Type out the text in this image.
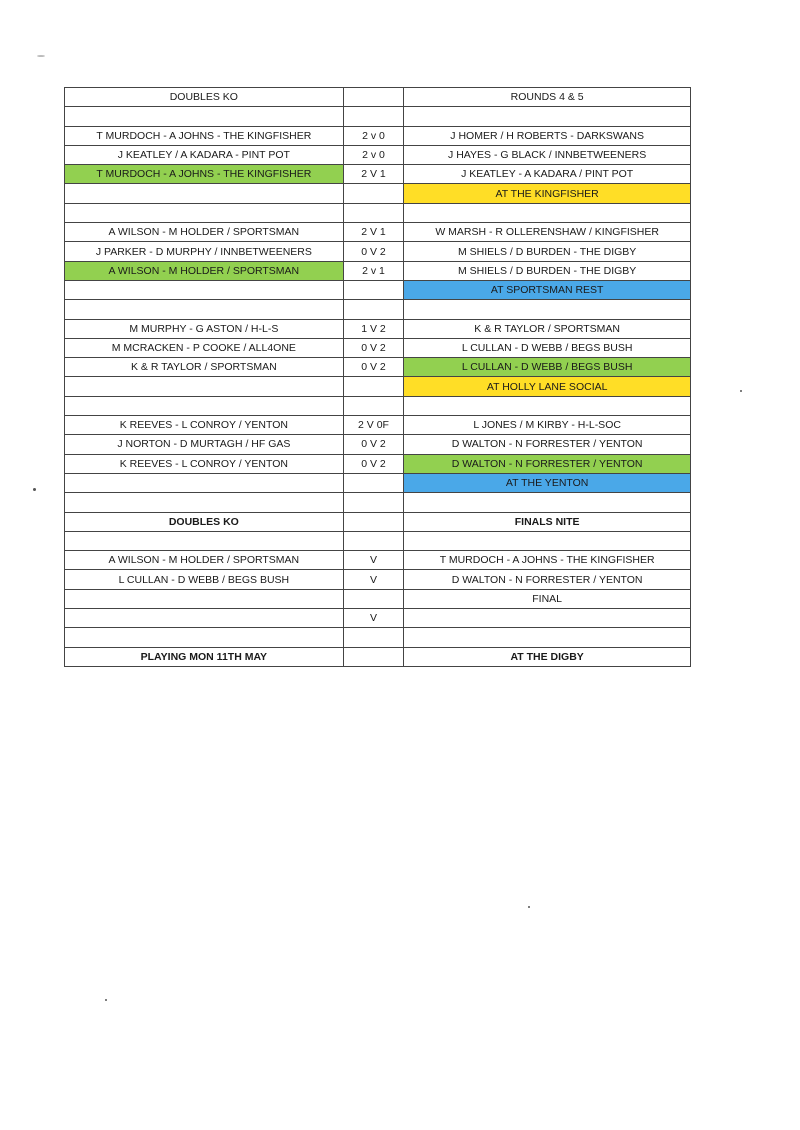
DOUBLES KO		ROUNDS 4 & 5

T MURDOCH - A JOHNS - THE KINGFISHER	2 v 0	J HOMER / H ROBERTS - DARKSWANS
J KEATLEY / A KADARA - PINT POT	2 v 0	J HAYES - G BLACK / INNBETWEENERS
T MURDOCH - A JOHNS - THE KINGFISHER	2 V 1	J KEATLEY - A KADARA / PINT POT
		AT THE KINGFISHER

A WILSON - M HOLDER / SPORTSMAN	2 V 1	W MARSH - R OLLERENSHAW / KINGFISHER
J PARKER - D MURPHY / INNBETWEENERS	0 V 2	M SHIELS / D BURDEN - THE DIGBY
A WILSON - M HOLDER / SPORTSMAN	2 v 1	M SHIELS / D BURDEN - THE DIGBY
		AT SPORTSMAN REST

M MURPHY - G ASTON / H-L-S	1 V 2	K & R TAYLOR / SPORTSMAN
M MCRACKEN - P COOKE / ALL4ONE	0 V 2	L CULLAN - D WEBB / BEGS BUSH
K & R TAYLOR / SPORTSMAN	0 V 2	L CULLAN - D WEBB / BEGS BUSH
		AT HOLLY LANE SOCIAL

K REEVES - L CONROY / YENTON	2 V 0F	L JONES / M KIRBY - H-L-SOC
J NORTON - D MURTAGH / HF GAS	0 V 2	D WALTON - N FORRESTER / YENTON
K REEVES - L CONROY / YENTON	0 V 2	D WALTON - N FORRESTER / YENTON
		AT THE YENTON

DOUBLES KO		FINALS NITE

A WILSON - M HOLDER / SPORTSMAN	V	T MURDOCH - A JOHNS - THE KINGFISHER
L CULLAN - D WEBB / BEGS BUSH	V	D WALTON - N FORRESTER / YENTON
		FINAL
	V	

PLAYING MON 11TH MAY		AT THE DIGBY
